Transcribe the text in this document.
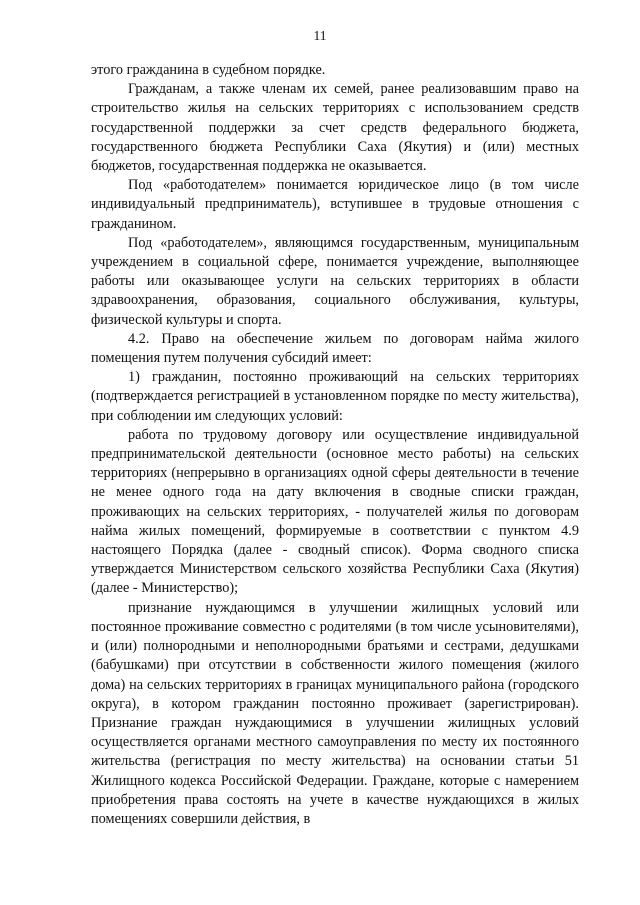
11

этого гражданина в судебном порядке.

Гражданам, а также членам их семей, ранее реализовавшим право на строительство жилья на сельских территориях с использованием средств государственной поддержки за счет средств федерального бюджета, государственного бюджета Республики Саха (Якутия) и (или) местных бюджетов, государственная поддержка не оказывается.

Под «работодателем» понимается юридическое лицо (в том числе индивидуальный предприниматель), вступившее в трудовые отношения с гражданином.

Под «работодателем», являющимся государственным, муниципальным учреждением в социальной сфере, понимается учреждение, выполняющее работы или оказывающее услуги на сельских территориях в области здравоохранения, образования, социального обслуживания, культуры, физической культуры и спорта.

4.2. Право на обеспечение жильем по договорам найма жилого помещения путем получения субсидий имеет:

1) гражданин, постоянно проживающий на сельских территориях (подтверждается регистрацией в установленном порядке по месту жительства), при соблюдении им следующих условий:

работа по трудовому договору или осуществление индивидуальной предпринимательской деятельности (основное место работы) на сельских территориях (непрерывно в организациях одной сферы деятельности в течение не менее одного года на дату включения в сводные списки граждан, проживающих на сельских территориях, - получателей жилья по договорам найма жилых помещений, формируемые в соответствии с пунктом 4.9 настоящего Порядка (далее - сводный список). Форма сводного списка утверждается Министерством сельского хозяйства Республики Саха (Якутия) (далее - Министерство);

признание нуждающимся в улучшении жилищных условий или постоянное проживание совместно с родителями (в том числе усыновителями), и (или) полнородными и неполнородными братьями и сестрами, дедушками (бабушками) при отсутствии в собственности жилого помещения (жилого дома) на сельских территориях в границах муниципального района (городского округа), в котором гражданин постоянно проживает (зарегистрирован). Признание граждан нуждающимися в улучшении жилищных условий осуществляется органами местного самоуправления по месту их постоянного жительства (регистрация по месту жительства) на основании статьи 51 Жилищного кодекса Российской Федерации. Граждане, которые с намерением приобретения права состоять на учете в качестве нуждающихся в жилых помещениях совершили действия, в
